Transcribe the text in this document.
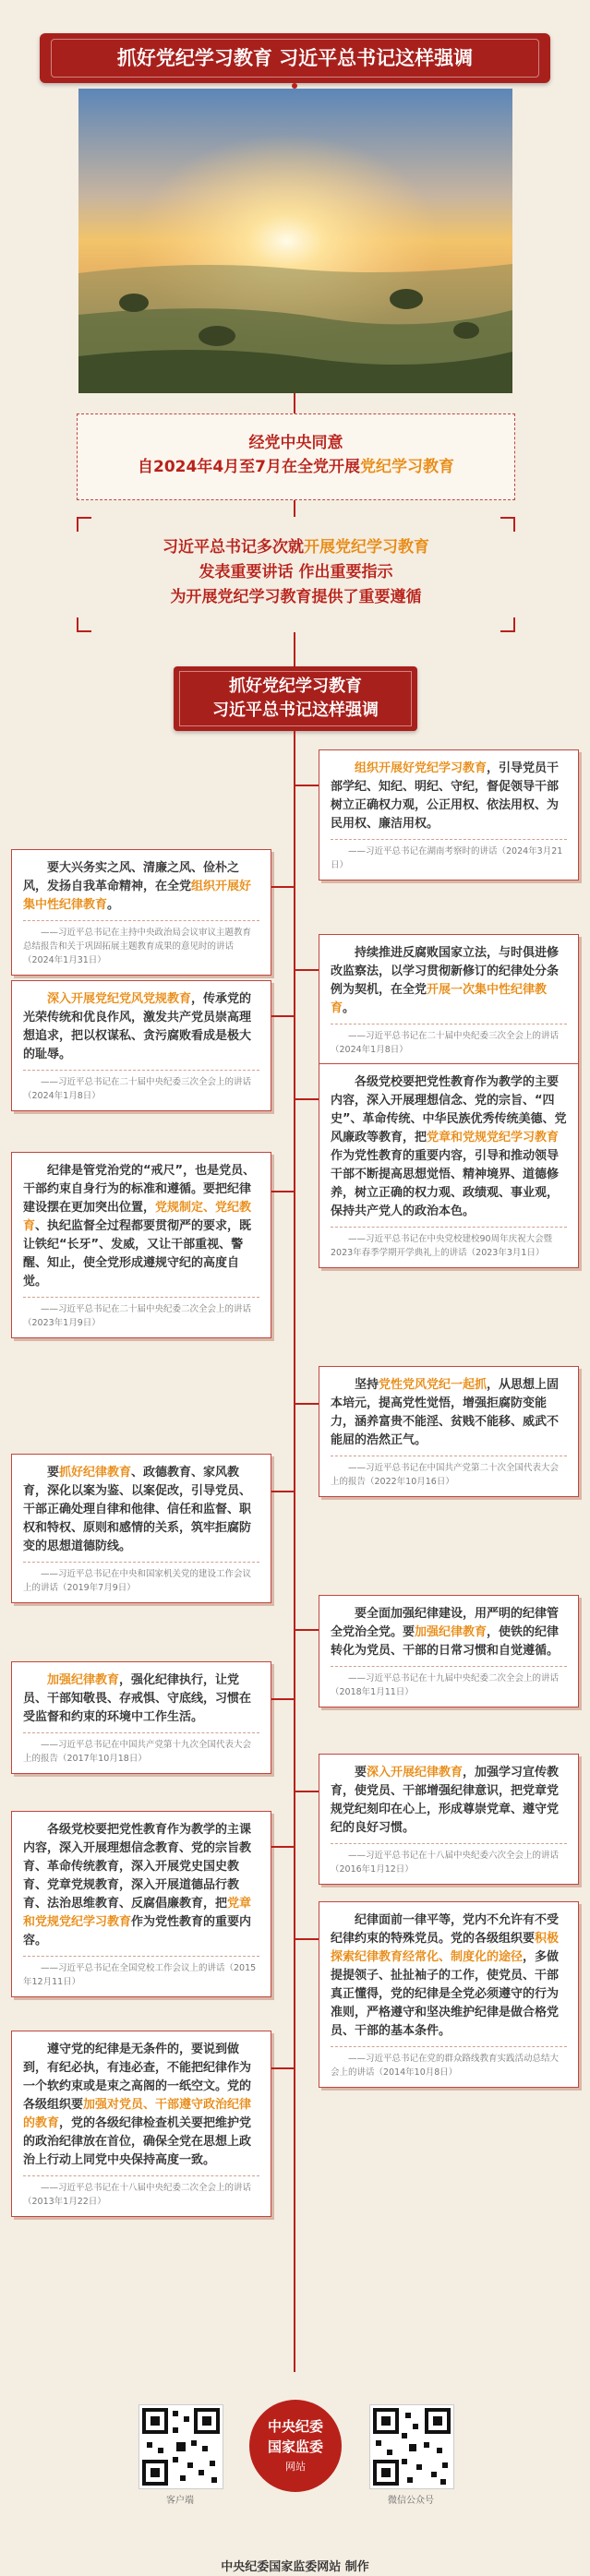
抓好党纪学习教育 习近平总书记这样强调
经党中央同意
自2024年4月至7月在全党开展党纪学习教育
习近平总书记多次就开展党纪学习教育
发表重要讲话 作出重要指示
为开展党纪学习教育提供了重要遵循
抓好党纪学习教育
习近平总书记这样强调

组织开展好党纪学习教育，引导党员干部学纪、知纪、明纪、守纪，督促领导干部树立正确权力观，公正用权、依法用权、为民用权、廉洁用权。

——习近平总书记在湖南考察时的讲话（2024年3月21日）

要大兴务实之风、清廉之风、俭朴之风，发扬自我革命精神，在全党组织开展好集中性纪律教育。

——习近平总书记在主持中央政治局会议审议主题教育总结报告和关于巩固拓展主题教育成果的意见时的讲话（2024年1月31日）

持续推进反腐败国家立法，与时俱进修改监察法，以学习贯彻新修订的纪律处分条例为契机，在全党开展一次集中性纪律教育。

——习近平总书记在二十届中央纪委三次全会上的讲话（2024年1月8日）

深入开展党纪党风党规教育，传承党的光荣传统和优良作风，激发共产党员崇高理想追求，把以权谋私、贪污腐败看成是极大的耻辱。

——习近平总书记在二十届中央纪委三次全会上的讲话（2024年1月8日）

各级党校要把党性教育作为教学的主要内容，深入开展理想信念、党的宗旨、“四史”、革命传统、中华民族优秀传统美德、党风廉政等教育，把党章和党规党纪学习教育作为党性教育的重要内容，引导和推动领导干部不断提高思想觉悟、精神境界、道德修养，树立正确的权力观、政绩观、事业观，保持共产党人的政治本色。

——习近平总书记在中央党校建校90周年庆祝大会暨2023年春季学期开学典礼上的讲话（2023年3月1日）

纪律是管党治党的“戒尺”，也是党员、干部约束自身行为的标准和遵循。要把纪律建设摆在更加突出位置，党规制定、党纪教育、执纪监督全过程都要贯彻严的要求，既让铁纪“长牙”、发威，又让干部重视、警醒、知止，使全党形成遵规守纪的高度自觉。

——习近平总书记在二十届中央纪委二次全会上的讲话（2023年1月9日）

坚持党性党风党纪一起抓，从思想上固本培元，提高党性觉悟，增强拒腐防变能力，涵养富贵不能淫、贫贱不能移、威武不能屈的浩然正气。

——习近平总书记在中国共产党第二十次全国代表大会上的报告（2022年10月16日）

要抓好纪律教育、政德教育、家风教育，深化以案为鉴、以案促改，引导党员、干部正确处理自律和他律、信任和监督、职权和特权、原则和感情的关系，筑牢拒腐防变的思想道德防线。

——习近平总书记在中央和国家机关党的建设工作会议上的讲话（2019年7月9日）

要全面加强纪律建设，用严明的纪律管全党治全党。要加强纪律教育，使铁的纪律转化为党员、干部的日常习惯和自觉遵循。

——习近平总书记在十九届中央纪委二次全会上的讲话（2018年1月11日）

加强纪律教育，强化纪律执行，让党员、干部知敬畏、存戒惧、守底线，习惯在受监督和约束的环境中工作生活。

——习近平总书记在中国共产党第十九次全国代表大会上的报告（2017年10月18日）

要深入开展纪律教育，加强学习宣传教育，使党员、干部增强纪律意识，把党章党规党纪刻印在心上，形成尊崇党章、遵守党纪的良好习惯。

——习近平总书记在十八届中央纪委六次全会上的讲话（2016年1月12日）

各级党校要把党性教育作为教学的主课内容，深入开展理想信念教育、党的宗旨教育、革命传统教育，深入开展党史国史教育、党章党规教育，深入开展道德品行教育、法治思维教育、反腐倡廉教育，把党章和党规党纪学习教育作为党性教育的重要内容。

——习近平总书记在全国党校工作会议上的讲话（2015年12月11日）

纪律面前一律平等，党内不允许有不受纪律约束的特殊党员。党的各级组织要积极探索纪律教育经常化、制度化的途径，多做提提领子、扯扯袖子的工作，使党员、干部真正懂得，党的纪律是全党必须遵守的行为准则，严格遵守和坚决维护纪律是做合格党员、干部的基本条件。

——习近平总书记在党的群众路线教育实践活动总结大会上的讲话（2014年10月8日）

遵守党的纪律是无条件的，要说到做到，有纪必执，有违必查，不能把纪律作为一个软约束或是束之高阁的一纸空文。党的各级组织要加强对党员、干部遵守政治纪律的教育，党的各级纪律检查机关要把维护党的政治纪律放在首位，确保全党在思想上政治上行动上同党中央保持高度一致。

——习近平总书记在十八届中央纪委二次全会上的讲话（2013年1月22日）

客户端
中央纪委
国家监委
网站
微信公众号
中央纪委国家监委网站 制作
